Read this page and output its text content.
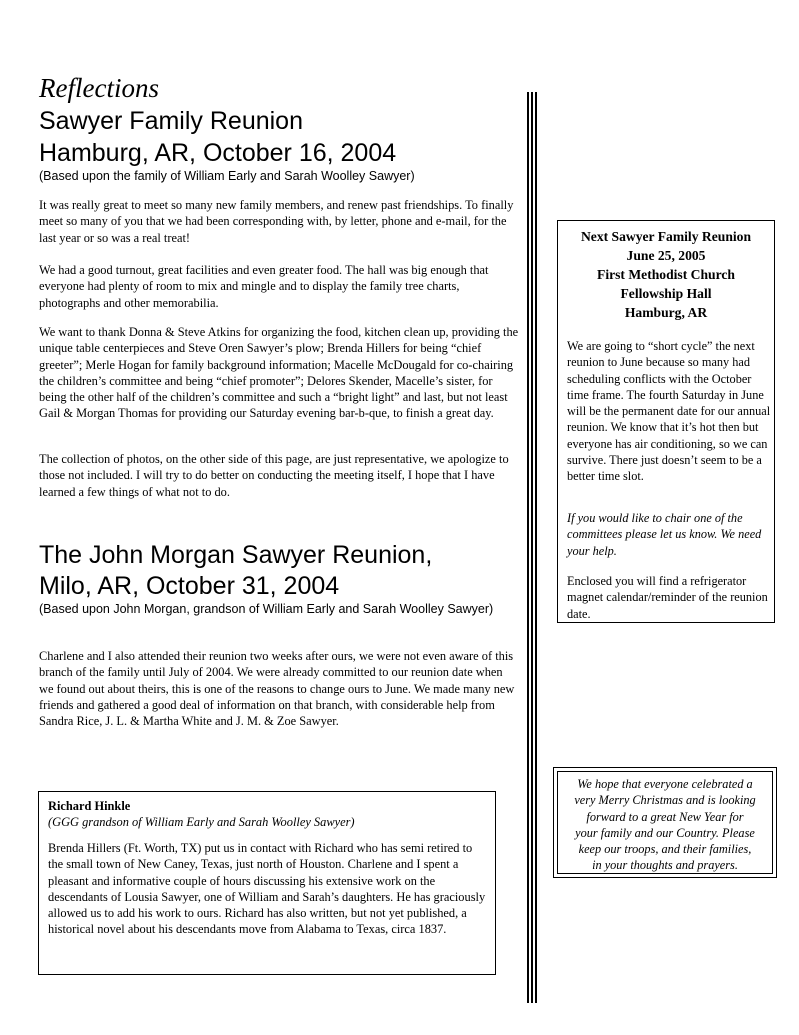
Reflections
Sawyer Family Reunion
Hamburg, AR, October 16, 2004
(Based upon the family of William Early and Sarah Woolley Sawyer)

It was really great to meet so many new family members, and renew past friendships. To finally meet so many of you that we had been corresponding with, by letter, phone and e-mail, for the last year or so was a real treat!

We had a good turnout, great facilities and even greater food. The hall was big enough that everyone had plenty of room to mix and mingle and to display the family tree charts, photographs and other memorabilia.

We want to thank Donna & Steve Atkins for organizing the food, kitchen clean up, providing the unique table centerpieces and Steve Oren Sawyer’s plow; Brenda Hillers for being “chief greeter”; Merle Hogan for family background information; Macelle McDougald for co-chairing the children’s committee and being “chief promoter”; Delores Skender, Macelle’s sister, for being the other half of the children’s committee and such a “bright light” and last, but not least Gail & Morgan Thomas for providing our Saturday evening bar-b-que, to finish a great day.

The collection of photos, on the other side of this page, are just representative, we apologize to those not included. I will try to do better on conducting the meeting itself, I hope that I have learned a few things of what not to do.

The John Morgan Sawyer Reunion,
Milo, AR, October 31, 2004
(Based upon John Morgan, grandson of William Early and Sarah Woolley Sawyer)

Charlene and I also attended their reunion two weeks after ours, we were not even aware of this branch of the family until July of 2004. We were already committed to our reunion date when we found out about theirs, this is one of the reasons to change ours to June. We made many new friends and gathered a good deal of information on that branch, with considerable help from Sandra Rice, J. L. & Martha White and J. M. & Zoe Sawyer.

Next Sawyer Family Reunion
June 25, 2005
First Methodist Church
Fellowship Hall
Hamburg, AR

We are going to “short cycle” the next reunion to June because so many had scheduling conflicts with the October time frame. The fourth Saturday in June will be the permanent date for our annual reunion. We know that it’s hot then but everyone has air conditioning, so we can survive. There just doesn’t seem to be a better time slot.

If you would like to chair one of the committees please let us know. We need your help.

Enclosed you will find a refrigerator magnet calendar/reminder of the reunion date.

We hope that everyone celebrated a
very Merry Christmas and is looking
forward to a great New Year for
your family and our Country. Please
keep our troops, and their families,
in your thoughts and prayers.

Richard Hinkle
(GGG grandson of William Early and Sarah Woolley Sawyer)

Brenda Hillers (Ft. Worth, TX) put us in contact with Richard who has semi retired to the small town of New Caney, Texas, just north of Houston. Charlene and I spent a pleasant and informative couple of hours discussing his extensive work on the descendants of Lousia Sawyer, one of William and Sarah’s daughters. He has graciously allowed us to add his work to ours. Richard has also written, but not yet published, a historical novel about his descendants move from Alabama to Texas, circa 1837.
